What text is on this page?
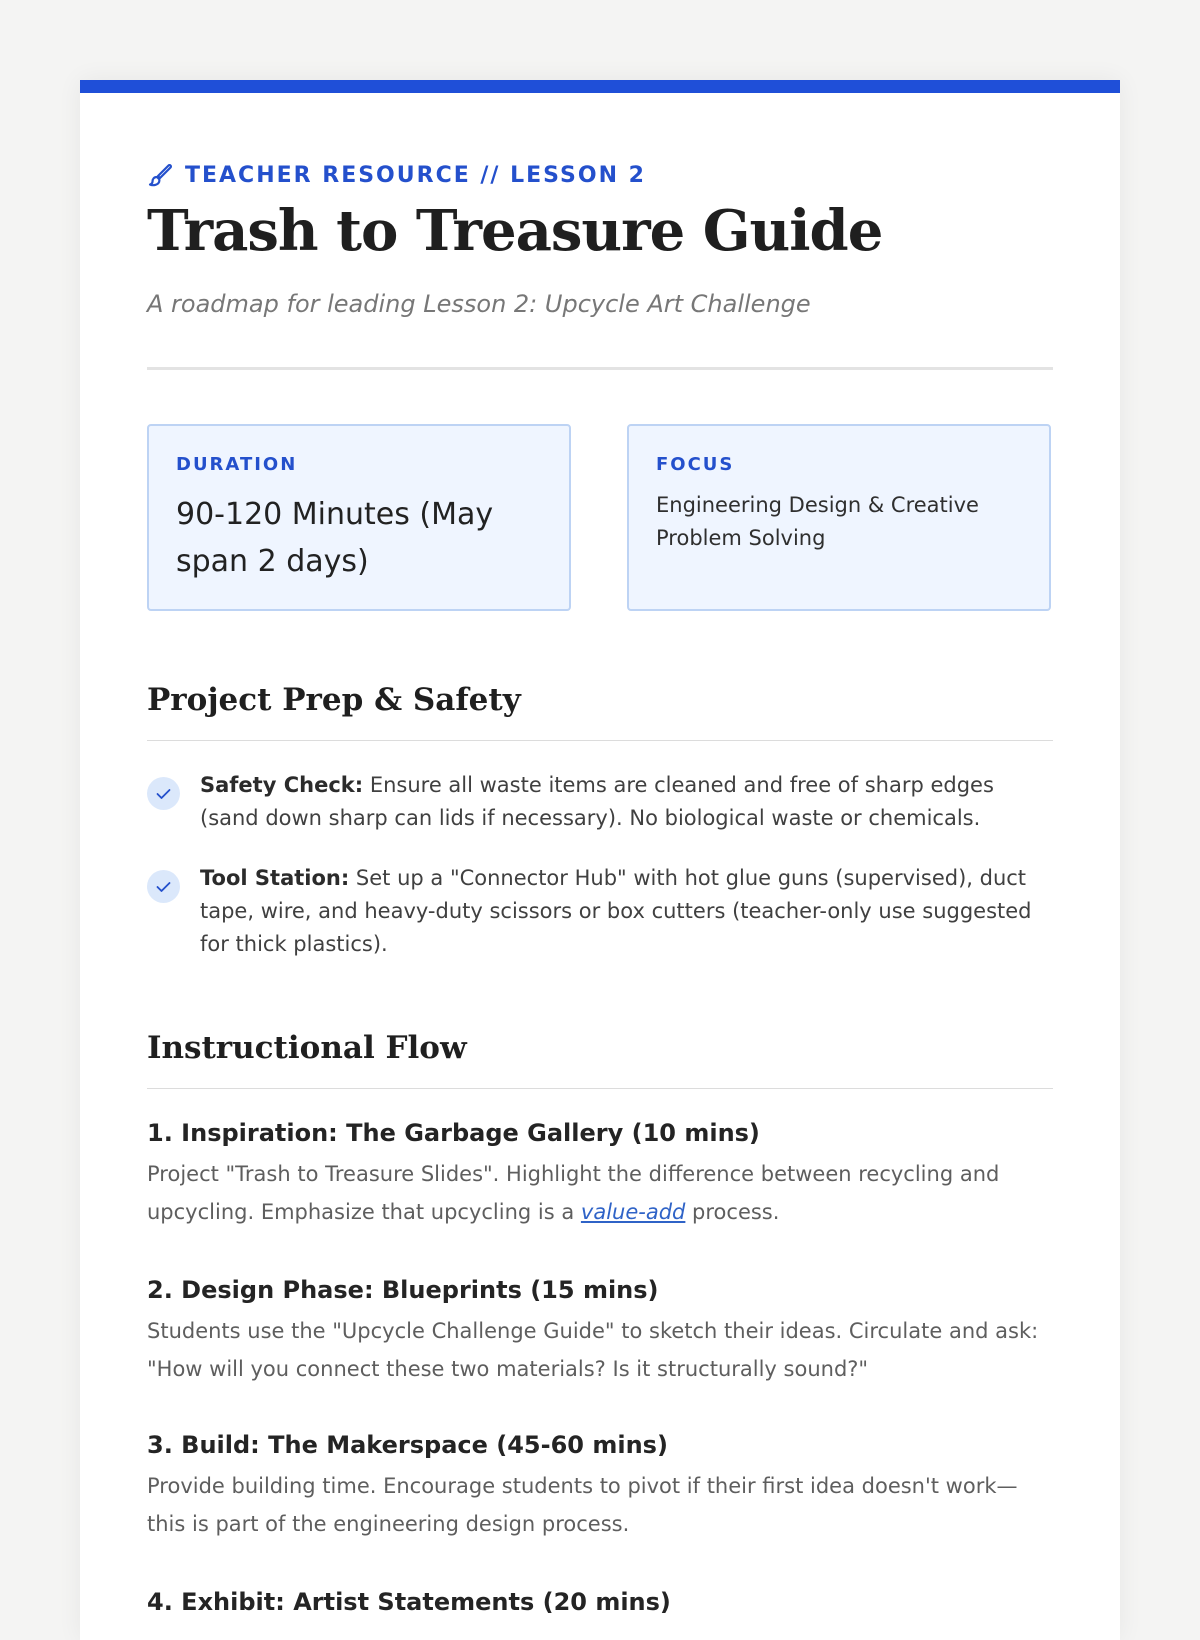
TEACHER RESOURCE // LESSON 2
Trash to Treasure Guide
A roadmap for leading Lesson 2: Upcycle Art Challenge
DURATION
90-120 Minutes (May span 2 days)
FOCUS
Engineering Design & Creative Problem Solving
Project Prep & Safety
Safety Check: Ensure all waste items are cleaned and free of sharp edges (sand down sharp can lids if necessary). No biological waste or chemicals.
Tool Station: Set up a "Connector Hub" with hot glue guns (supervised), duct tape, wire, and heavy-duty scissors or box cutters (teacher-only use suggested for thick plastics).
Instructional Flow
1. Inspiration: The Garbage Gallery (10 mins)
Project "Trash to Treasure Slides". Highlight the difference between recycling and upcycling. Emphasize that upcycling is a value-add process.
2. Design Phase: Blueprints (15 mins)
Students use the "Upcycle Challenge Guide" to sketch their ideas. Circulate and ask: "How will you connect these two materials? Is it structurally sound?"
3. Build: The Makerspace (45-60 mins)
Provide building time. Encourage students to pivot if their first idea doesn't work—this is part of the engineering design process.
4. Exhibit: Artist Statements (20 mins)
